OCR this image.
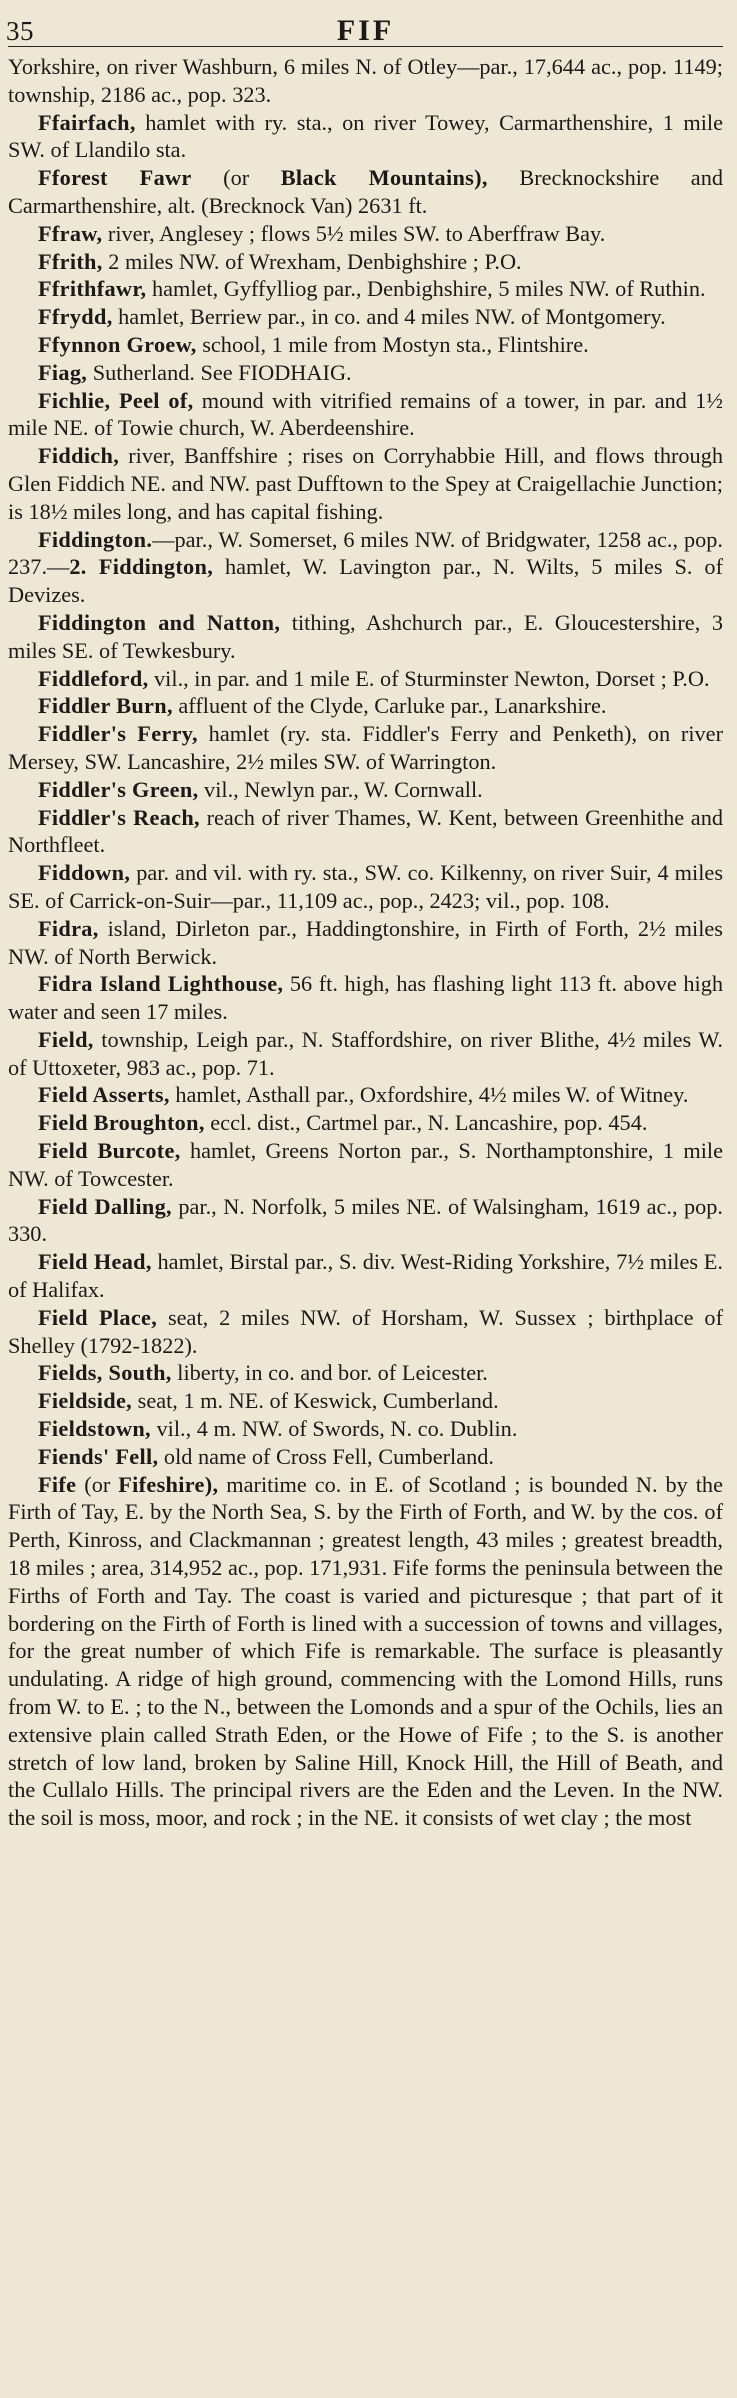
35	FIF

Yorkshire, on river Washburn, 6 miles N. of Otley—par., 17,644 ac., pop. 1149; township, 2186 ac., pop. 323.

Ffairfach, hamlet with ry. sta., on river Towey, Carmarthenshire, 1 mile SW. of Llandilo sta.

Fforest Fawr (or Black Mountains), Brecknockshire and Carmarthenshire, alt. (Brecknock Van) 2631 ft.

Ffraw, river, Anglesey ; flows 5½ miles SW. to Aberffraw Bay.

Ffrith, 2 miles NW. of Wrexham, Denbighshire ; P.O.

Ffrithfawr, hamlet, Gyffylliog par., Denbighshire, 5 miles NW. of Ruthin.

Ffrydd, hamlet, Berriew par., in co. and 4 miles NW. of Montgomery.

Ffynnon Groew, school, 1 mile from Mostyn sta., Flintshire.

Fiag, Sutherland. See FIODHAIG.

Fichlie, Peel of, mound with vitrified remains of a tower, in par. and 1½ mile NE. of Towie church, W. Aberdeenshire.

Fiddich, river, Banffshire ; rises on Corryhabbie Hill, and flows through Glen Fiddich NE. and NW. past Dufftown to the Spey at Craigellachie Junction; is 18½ miles long, and has capital fishing.

Fiddington.—par., W. Somerset, 6 miles NW. of Bridgwater, 1258 ac., pop. 237.—2. Fiddington, hamlet, W. Lavington par., N. Wilts, 5 miles S. of Devizes.

Fiddington and Natton, tithing, Ashchurch par., E. Gloucestershire, 3 miles SE. of Tewkesbury.

Fiddleford, vil., in par. and 1 mile E. of Sturminster Newton, Dorset ; P.O.

Fiddler Burn, affluent of the Clyde, Carluke par., Lanarkshire.

Fiddler's Ferry, hamlet (ry. sta. Fiddler's Ferry and Penketh), on river Mersey, SW. Lancashire, 2½ miles SW. of Warrington.

Fiddler's Green, vil., Newlyn par., W. Cornwall.

Fiddler's Reach, reach of river Thames, W. Kent, between Greenhithe and Northfleet.

Fiddown, par. and vil. with ry. sta., SW. co. Kilkenny, on river Suir, 4 miles SE. of Carrick-on-Suir—par., 11,109 ac., pop., 2423; vil., pop. 108.

Fidra, island, Dirleton par., Haddingtonshire, in Firth of Forth, 2½ miles NW. of North Berwick.

Fidra Island Lighthouse, 56 ft. high, has flashing light 113 ft. above high water and seen 17 miles.

Field, township, Leigh par., N. Staffordshire, on river Blithe, 4½ miles W. of Uttoxeter, 983 ac., pop. 71.

Field Asserts, hamlet, Asthall par., Oxfordshire, 4½ miles W. of Witney.

Field Broughton, eccl. dist., Cartmel par., N. Lancashire, pop. 454.

Field Burcote, hamlet, Greens Norton par., S. Northamptonshire, 1 mile NW. of Towcester.

Field Dalling, par., N. Norfolk, 5 miles NE. of Walsingham, 1619 ac., pop. 330.

Field Head, hamlet, Birstal par., S. div. West-Riding Yorkshire, 7½ miles E. of Halifax.

Field Place, seat, 2 miles NW. of Horsham, W. Sussex ; birthplace of Shelley (1792-1822).

Fields, South, liberty, in co. and bor. of Leicester.

Fieldside, seat, 1 m. NE. of Keswick, Cumberland.

Fieldstown, vil., 4 m. NW. of Swords, N. co. Dublin.

Fiends' Fell, old name of Cross Fell, Cumberland.

Fife (or Fifeshire), maritime co. in E. of Scotland ; is bounded N. by the Firth of Tay, E. by the North Sea, S. by the Firth of Forth, and W. by the cos. of Perth, Kinross, and Clackmannan ; greatest length, 43 miles ; greatest breadth, 18 miles ; area, 314,952 ac., pop. 171,931. Fife forms the peninsula between the Firths of Forth and Tay. The coast is varied and picturesque ; that part of it bordering on the Firth of Forth is lined with a succession of towns and villages, for the great number of which Fife is remarkable. The surface is pleasantly undulating. A ridge of high ground, commencing with the Lomond Hills, runs from W. to E. ; to the N., between the Lomonds and a spur of the Ochils, lies an extensive plain called Strath Eden, or the Howe of Fife ; to the S. is another stretch of low land, broken by Saline Hill, Knock Hill, the Hill of Beath, and the Cullalo Hills. The principal rivers are the Eden and the Leven. In the NW. the soil is moss, moor, and rock ; in the NE. it consists of wet clay ; the most
